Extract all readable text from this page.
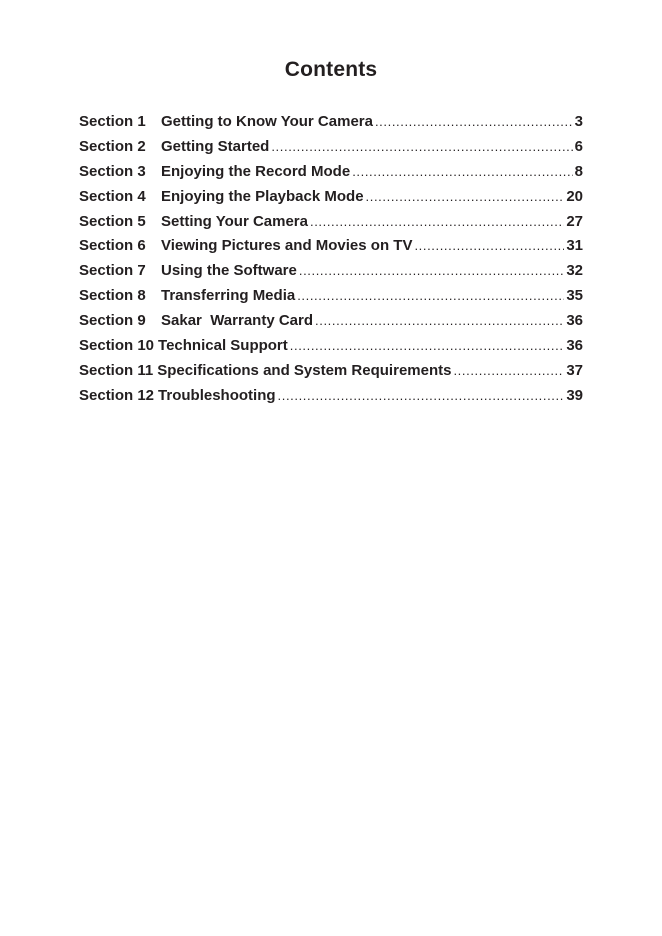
Contents
Section 1	Getting to Know Your Camera .....	3
Section 2	Getting Started .....	6
Section 3	Enjoying the Record Mode .....	8
Section 4	Enjoying the Playback Mode .....	20
Section 5	Setting Your Camera .....	27
Section 6	Viewing Pictures and Movies on TV .....	31
Section 7	Using the Software .....	32
Section 8	Transferring Media .....	35
Section 9	Sakar  Warranty Card .....	36
Section 10 Technical Support .....	36
Section 11 Specifications and System Requirements .....	37
Section 12 Troubleshooting .....	39
